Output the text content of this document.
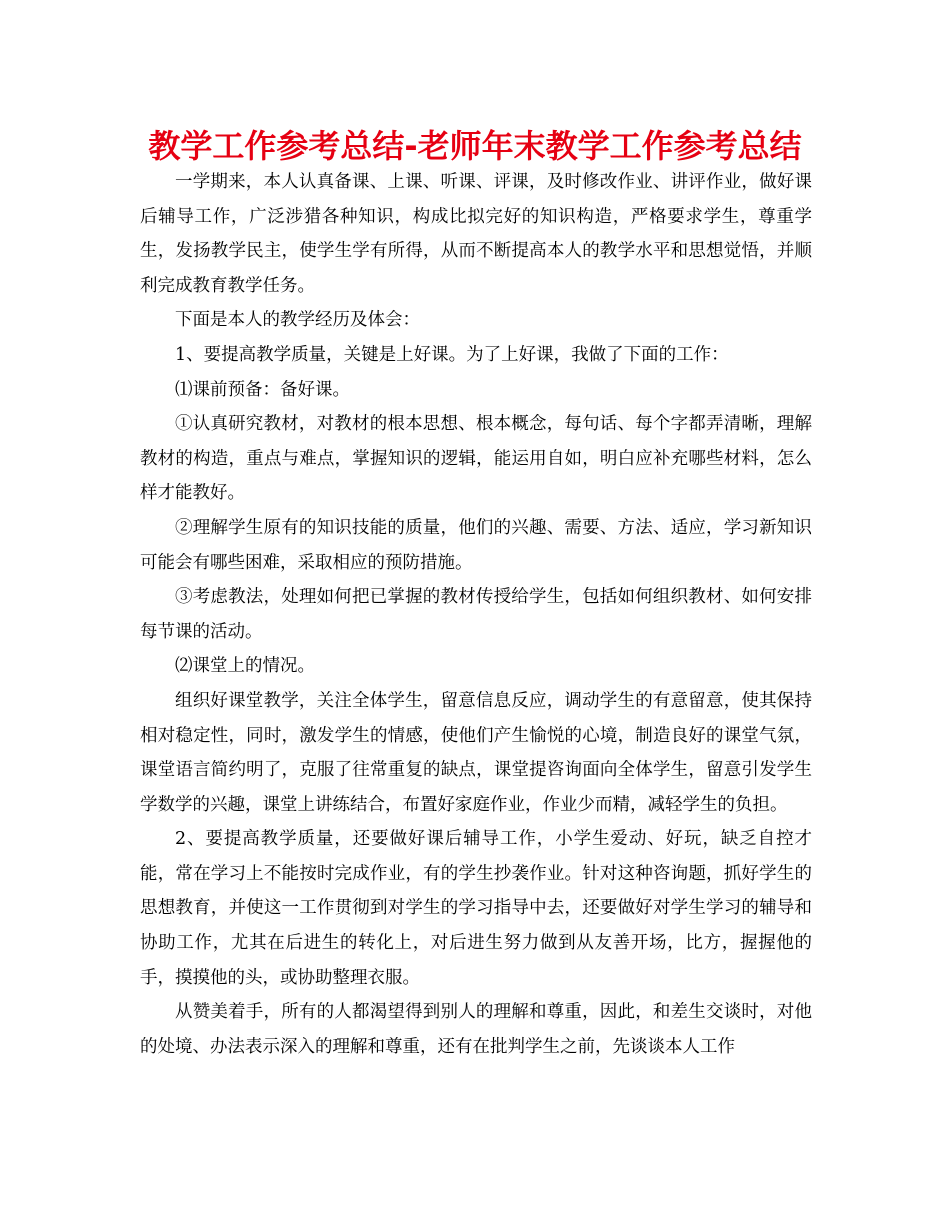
教学工作参考总结-老师年末教学工作参考总结

一学期来，本人认真备课、上课、听课、评课，及时修改作业、讲评作业，做好课后辅导工作，广泛涉猎各种知识，构成比拟完好的知识构造，严格要求学生，尊重学生，发扬教学民主，使学生学有所得，从而不断提高本人的教学水平和思想觉悟，并顺利完成教育教学任务。

下面是本人的教学经历及体会：

1、要提高教学质量，关键是上好课。为了上好课，我做了下面的工作：

⑴课前预备：备好课。

①认真研究教材，对教材的根本思想、根本概念，每句话、每个字都弄清晰，理解教材的构造，重点与难点，掌握知识的逻辑，能运用自如，明白应补充哪些材料，怎么样才能教好。

②理解学生原有的知识技能的质量，他们的兴趣、需要、方法、适应，学习新知识可能会有哪些困难，采取相应的预防措施。

③考虑教法，处理如何把已掌握的教材传授给学生，包括如何组织教材、如何安排每节课的活动。

⑵课堂上的情况。

组织好课堂教学，关注全体学生，留意信息反应，调动学生的有意留意，使其保持相对稳定性，同时，激发学生的情感，使他们产生愉悦的心境，制造良好的课堂气氛，课堂语言简约明了，克服了往常重复的缺点，课堂提咨询面向全体学生，留意引发学生学数学的兴趣，课堂上讲练结合，布置好家庭作业，作业少而精，减轻学生的负担。

2、要提高教学质量，还要做好课后辅导工作，小学生爱动、好玩，缺乏自控才能，常在学习上不能按时完成作业，有的学生抄袭作业。针对这种咨询题，抓好学生的思想教育，并使这一工作贯彻到对学生的学习指导中去，还要做好对学生学习的辅导和协助工作，尤其在后进生的转化上，对后进生努力做到从友善开场，比方，握握他的手，摸摸他的头，或协助整理衣服。

从赞美着手，所有的人都渴望得到别人的理解和尊重，因此，和差生交谈时，对他的处境、办法表示深入的理解和尊重，还有在批判学生之前，先谈谈本人工作
